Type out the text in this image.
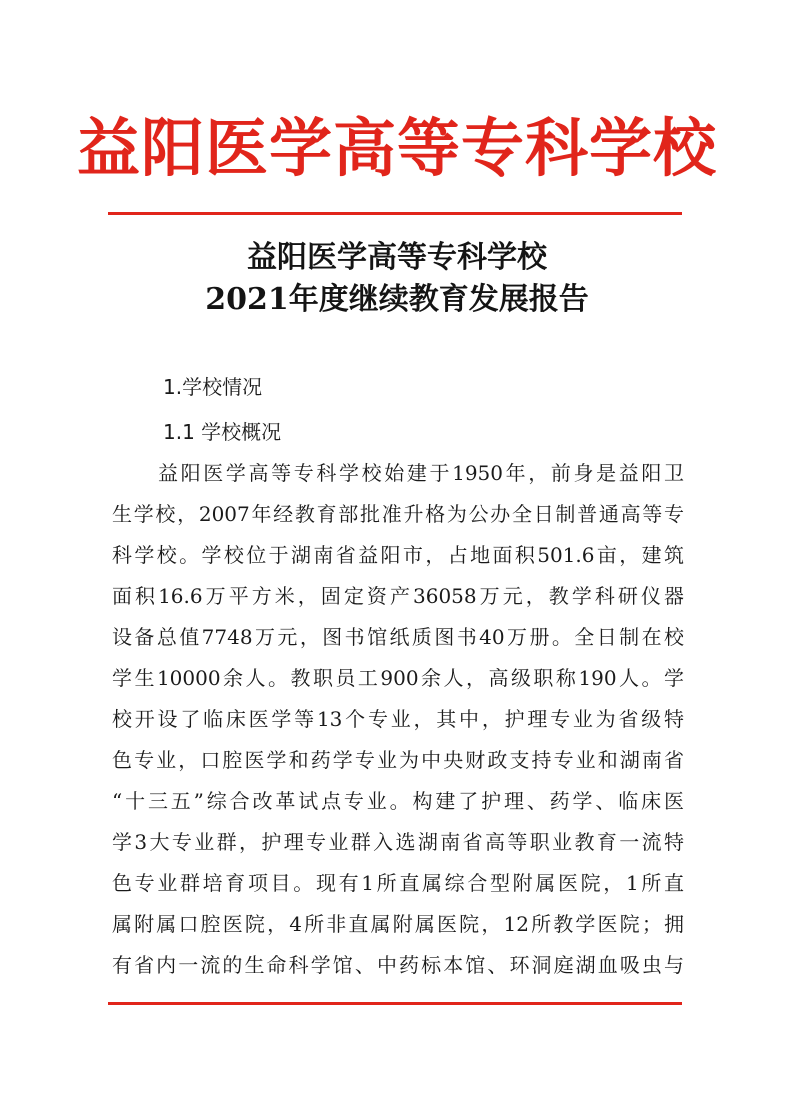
益阳医学高等专科学校
益阳医学高等专科学校
2021年度继续教育发展报告
1.学校情况
1.1 学校概况
益阳医学高等专科学校始建于1950年，前身是益阳卫
生学校，2007年经教育部批准升格为公办全日制普通高等专
科学校。学校位于湖南省益阳市，占地面积501.6亩，建筑
面积16.6万平方米，固定资产36058万元，教学科研仪器
设备总值7748万元，图书馆纸质图书40万册。全日制在校
学生10000余人。教职员工900余人，高级职称190人。学
校开设了临床医学等13个专业，其中，护理专业为省级特
色专业，口腔医学和药学专业为中央财政支持专业和湖南省
“十三五”综合改革试点专业。构建了护理、药学、临床医
学3大专业群，护理专业群入选湖南省高等职业教育一流特
色专业群培育项目。现有1所直属综合型附属医院，1所直
属附属口腔医院，4所非直属附属医院，12所教学医院；拥
有省内一流的生命科学馆、中药标本馆、环洞庭湖血吸虫与
